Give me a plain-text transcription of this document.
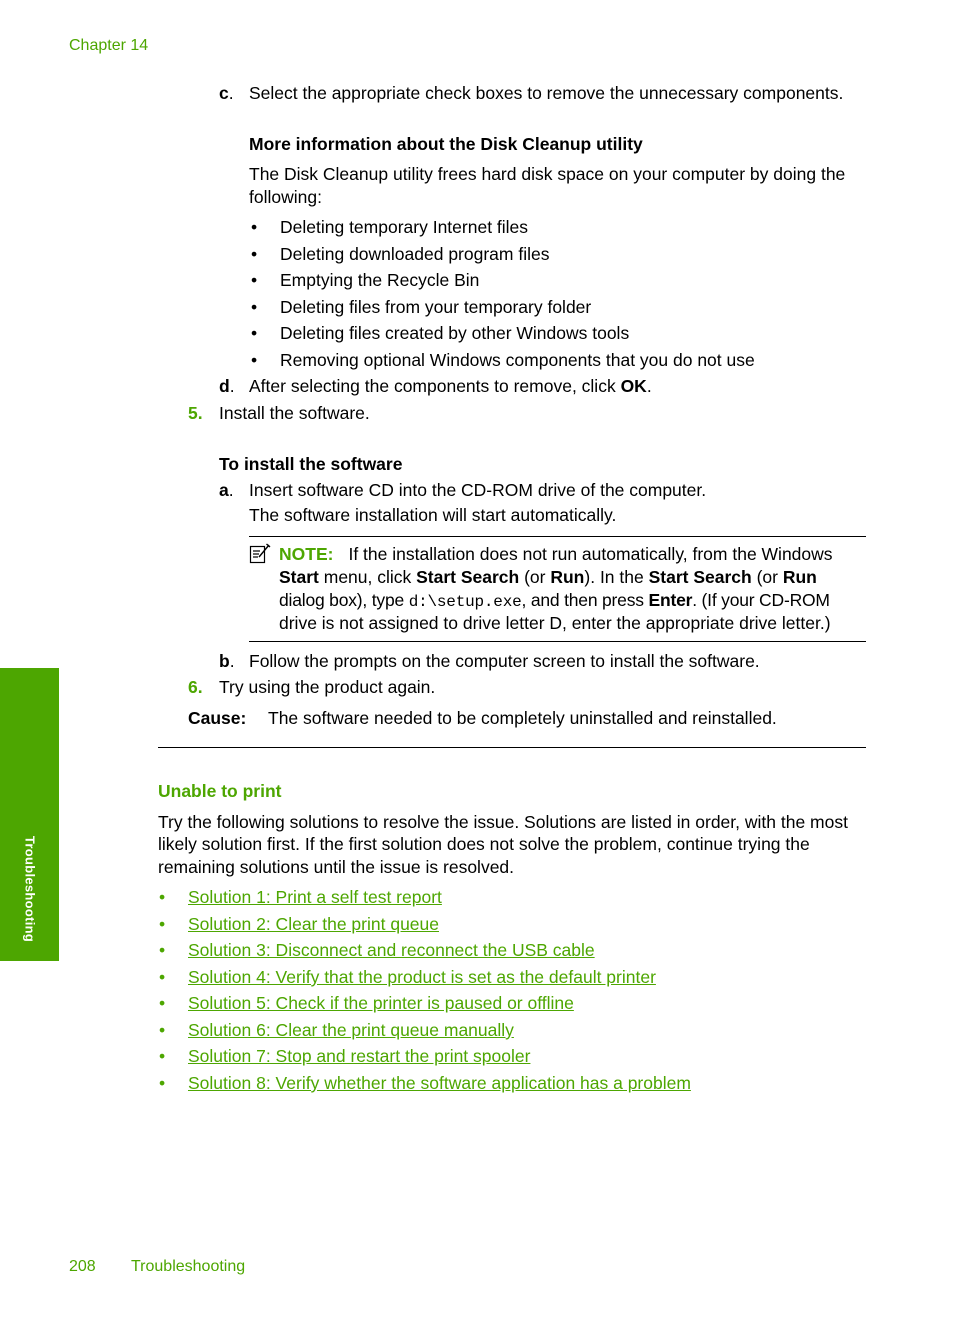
Chapter 14
c. Select the appropriate check boxes to remove the unnecessary components.
More information about the Disk Cleanup utility
The Disk Cleanup utility frees hard disk space on your computer by doing the
following:
• Deleting temporary Internet files
• Deleting downloaded program files
• Emptying the Recycle Bin
• Deleting files from your temporary folder
• Deleting files created by other Windows tools
• Removing optional Windows components that you do not use
d. After selecting the components to remove, click OK.
5. Install the software.
To install the software
a. Insert software CD into the CD-ROM drive of the computer.
The software installation will start automatically.
NOTE: If the installation does not run automatically, from the Windows
Start menu, click Start Search (or Run). In the Start Search (or Run
dialog box), type d:\setup.exe, and then press Enter. (If your CD-ROM
drive is not assigned to drive letter D, enter the appropriate drive letter.)
b. Follow the prompts on the computer screen to install the software.
6. Try using the product again.
Cause: The software needed to be completely uninstalled and reinstalled.
Unable to print
Try the following solutions to resolve the issue. Solutions are listed in order, with the most
likely solution first. If the first solution does not solve the problem, continue trying the
remaining solutions until the issue is resolved.
• Solution 1: Print a self test report
• Solution 2: Clear the print queue
• Solution 3: Disconnect and reconnect the USB cable
• Solution 4: Verify that the product is set as the default printer
• Solution 5: Check if the printer is paused or offline
• Solution 6: Clear the print queue manually
• Solution 7: Stop and restart the print spooler
• Solution 8: Verify whether the software application has a problem
Troubleshooting
208 Troubleshooting
